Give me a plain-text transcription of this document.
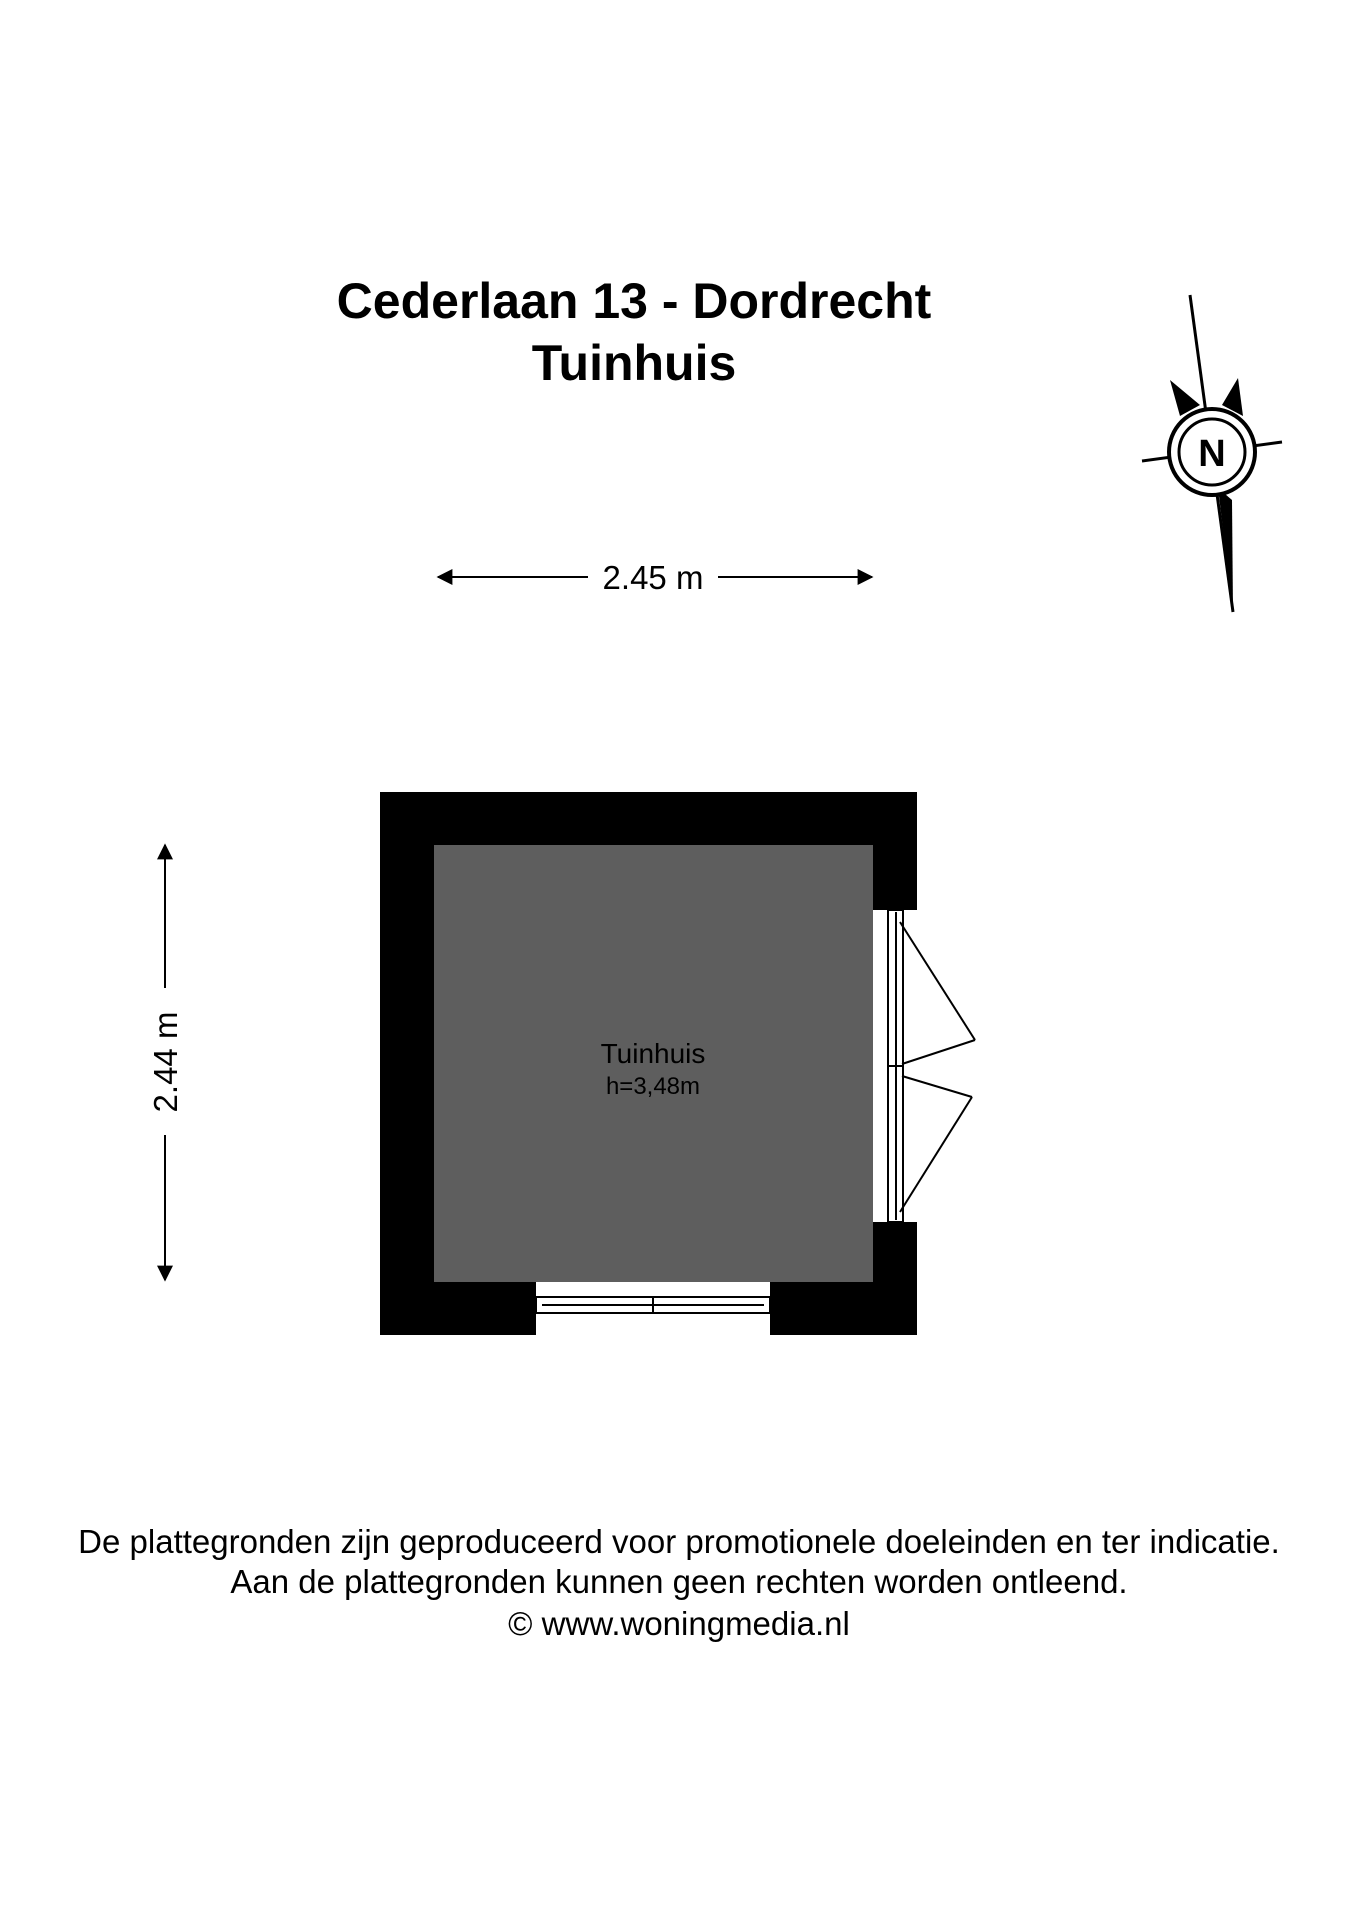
Cederlaan 13 - Dordrecht
Tuinhuis
N
2.45 m
2.44 m	Tuinhuis
h=3,48m
De plattegronden zijn geproduceerd voor promotionele doeleinden en ter indicatie.
Aan de plattegronden kunnen geen rechten worden ontleend.
© www.woningmedia.nl
